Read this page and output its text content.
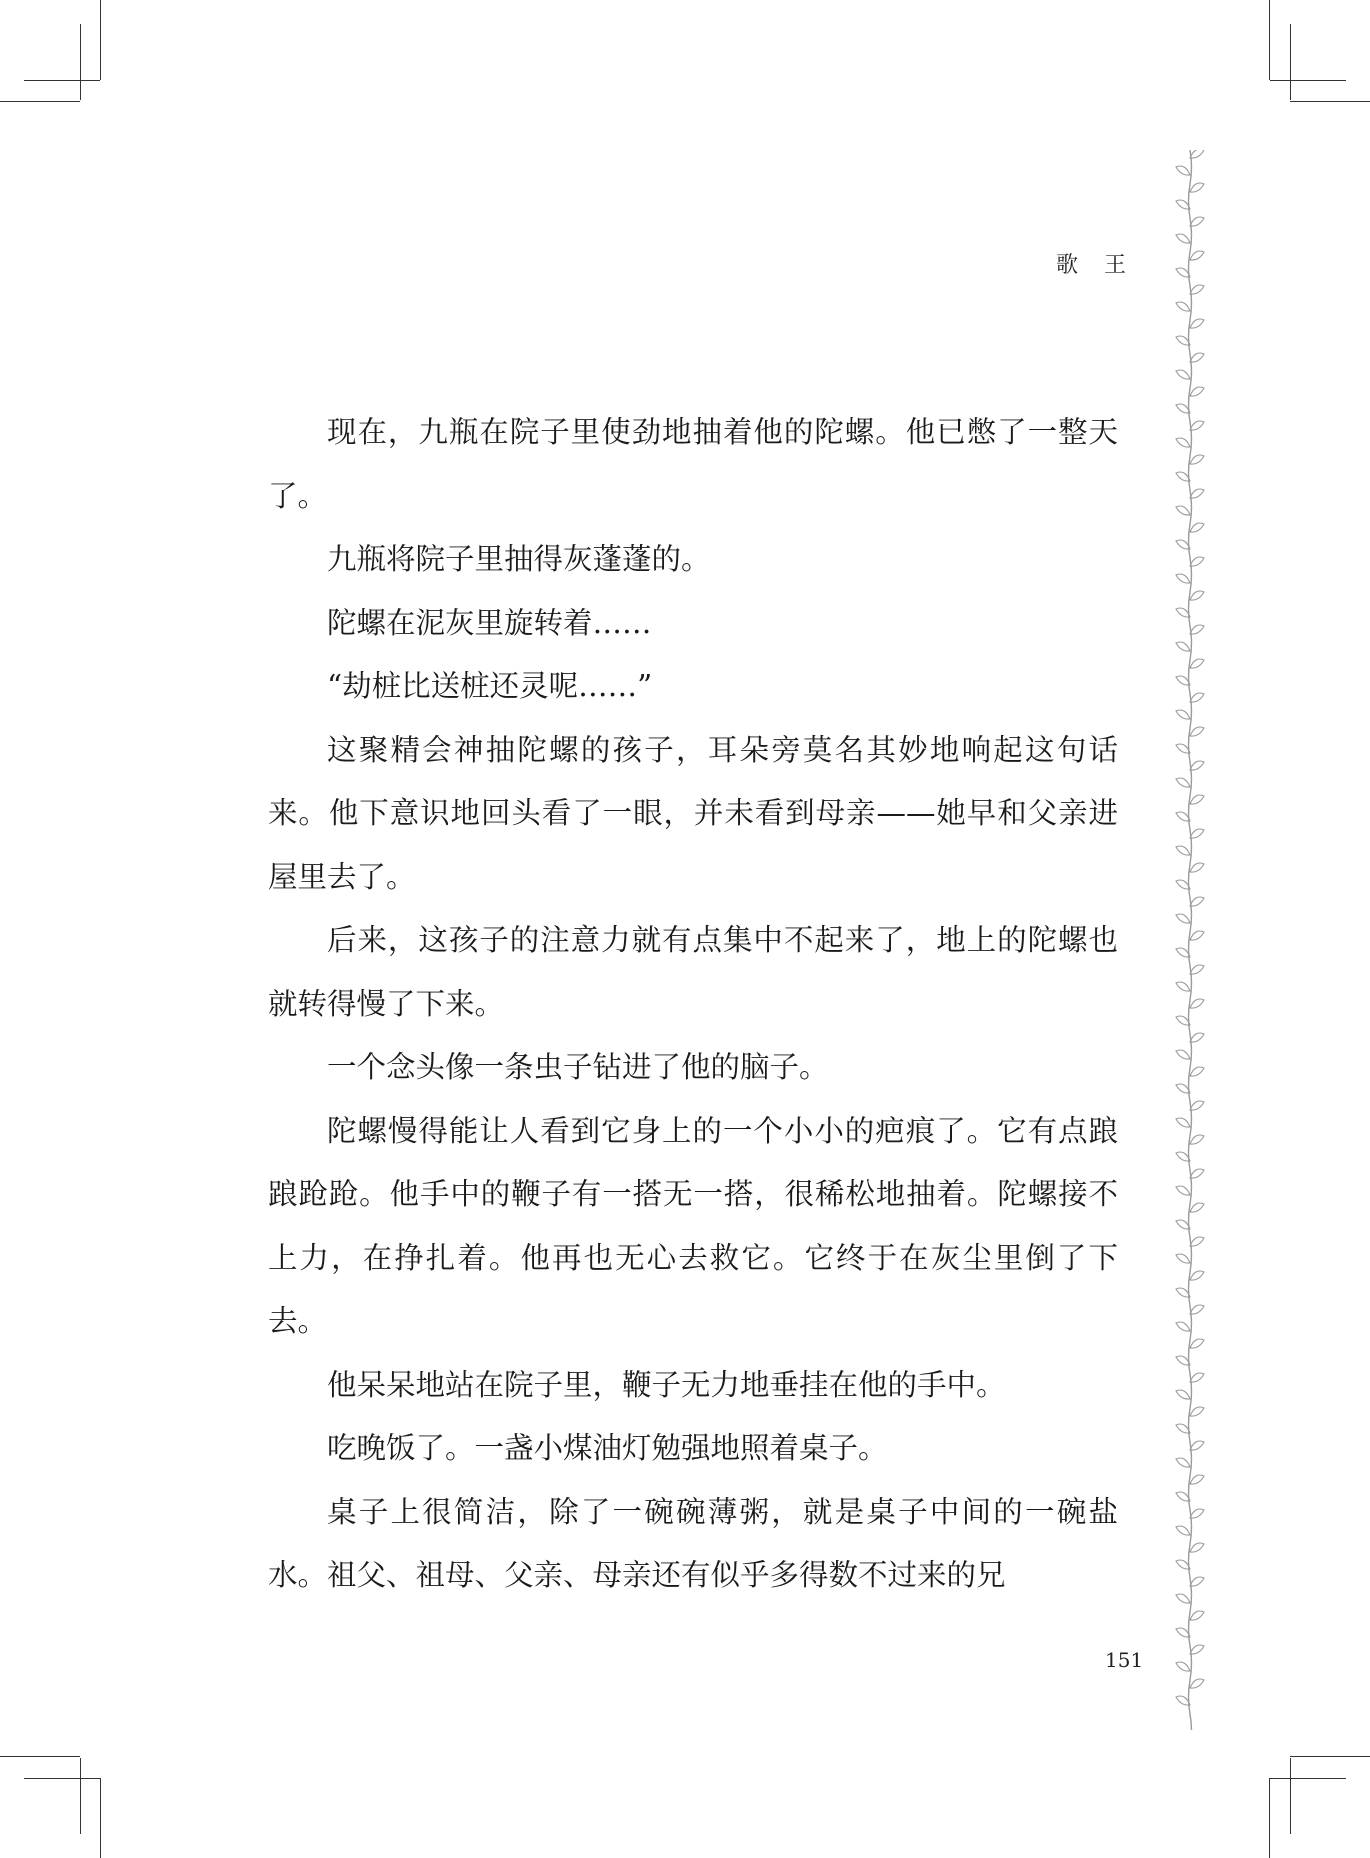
歌王

现在，九瓶在院子里使劲地抽着他的陀螺。他已憋了一整天了。

九瓶将院子里抽得灰蓬蓬的。

陀螺在泥灰里旋转着……

“劫桩比送桩还灵呢……”

这聚精会神抽陀螺的孩子，耳朵旁莫名其妙地响起这句话来。他下意识地回头看了一眼，并未看到母亲——她早和父亲进屋里去了。

后来，这孩子的注意力就有点集中不起来了，地上的陀螺也就转得慢了下来。

一个念头像一条虫子钻进了他的脑子。

陀螺慢得能让人看到它身上的一个小小的疤痕了。它有点踉踉跄跄。他手中的鞭子有一搭无一搭，很稀松地抽着。陀螺接不上力，在挣扎着。他再也无心去救它。它终于在灰尘里倒了下去。

他呆呆地站在院子里，鞭子无力地垂挂在他的手中。

吃晚饭了。一盏小煤油灯勉强地照着桌子。

桌子上很简洁，除了一碗碗薄粥，就是桌子中间的一碗盐水。祖父、祖母、父亲、母亲还有似乎多得数不过来的兄

151
